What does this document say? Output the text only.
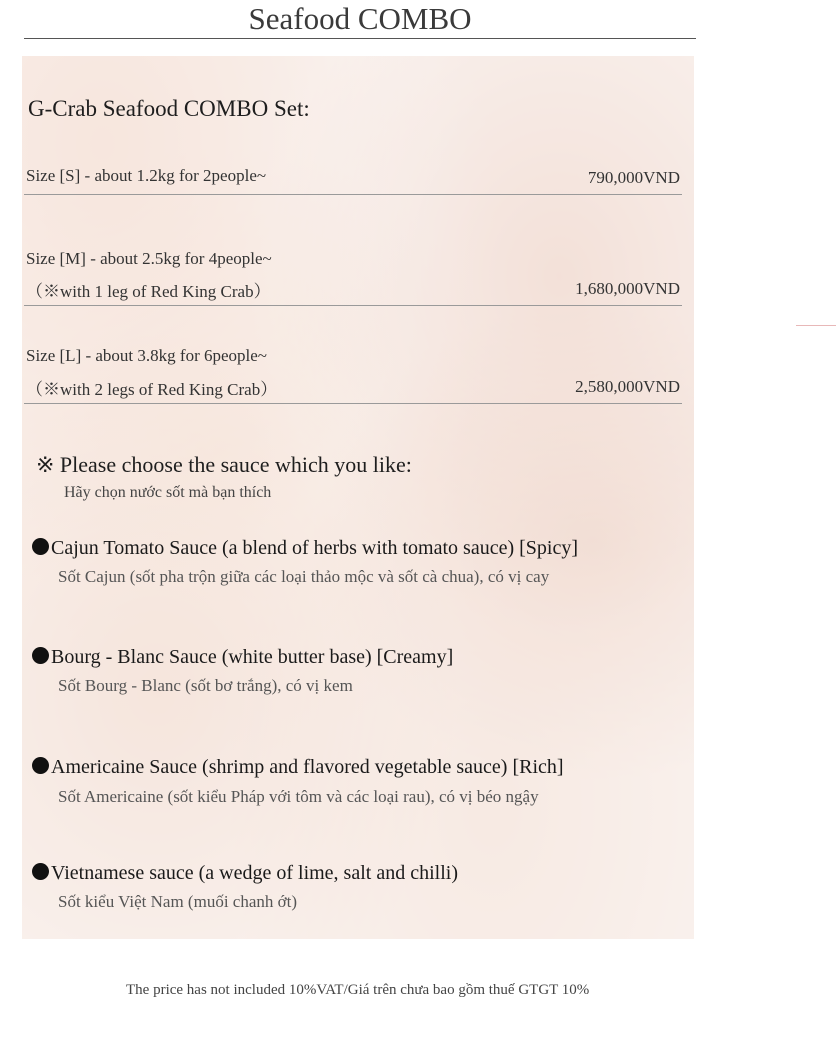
Seafood COMBO
G-Crab Seafood COMBO Set:
Size [S] - about 1.2kg for 2people~	790,000VND
Size [M] - about 2.5kg for 4people~
（※with 1 leg of Red King Crab）	1,680,000VND
Size [L] - about 3.8kg for 6people~
（※with 2 legs of Red King Crab）	2,580,000VND
※ Please choose the sauce which you like:
Hãy chọn nước sốt mà bạn thích
Cajun Tomato Sauce (a blend of herbs with tomato sauce) [Spicy]
Sốt Cajun (sốt pha trộn giữa các loại thảo mộc và sốt cà chua), có vị cay
Bourg - Blanc Sauce (white butter base) [Creamy]
Sốt Bourg - Blanc (sốt bơ trắng), có vị kem
Americaine Sauce (shrimp and flavored vegetable sauce) [Rich]
Sốt Americaine (sốt kiểu Pháp với tôm và các loại rau), có vị béo ngậy
Vietnamese sauce (a wedge of lime, salt and chilli)
Sốt kiểu Việt Nam (muối chanh ớt)
The price has not included 10%VAT/Giá trên chưa bao gồm thuế GTGT 10%
